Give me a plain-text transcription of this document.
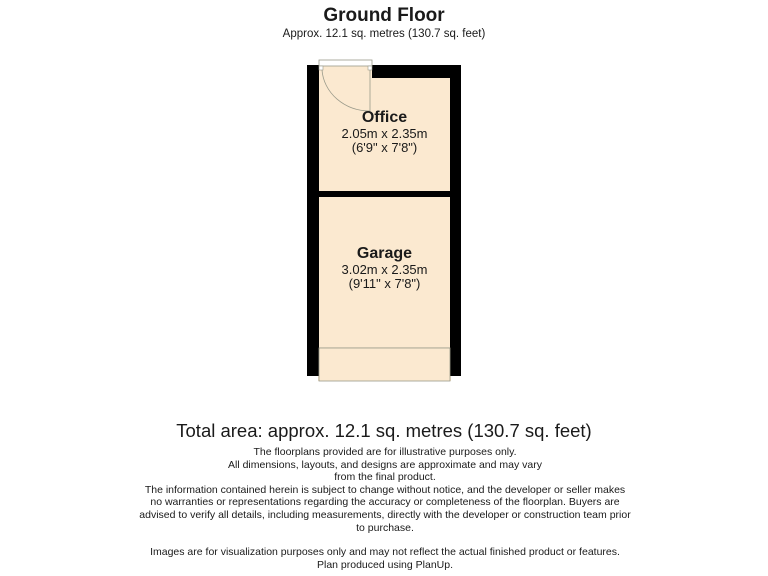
Ground Floor
Approx. 12.1 sq. metres (130.7 sq. feet)
Office
2.05m x 2.35m
(6'9" x 7'8")
Garage
3.02m x 2.35m
(9'11" x 7'8")
Total area: approx. 12.1 sq. metres (130.7 sq. feet)

The floorplans provided are for illustrative purposes only.

All dimensions, layouts, and designs are approximate and may vary

from the final product.

The information contained herein is subject to change without notice, and the developer or seller makes

no warranties or representations regarding the accuracy or completeness of the floorplan. Buyers are

advised to verify all details, including measurements, directly with the developer or construction team prior

to purchase.

Images are for visualization purposes only and may not reflect the actual finished product or features.

Plan produced using PlanUp.
